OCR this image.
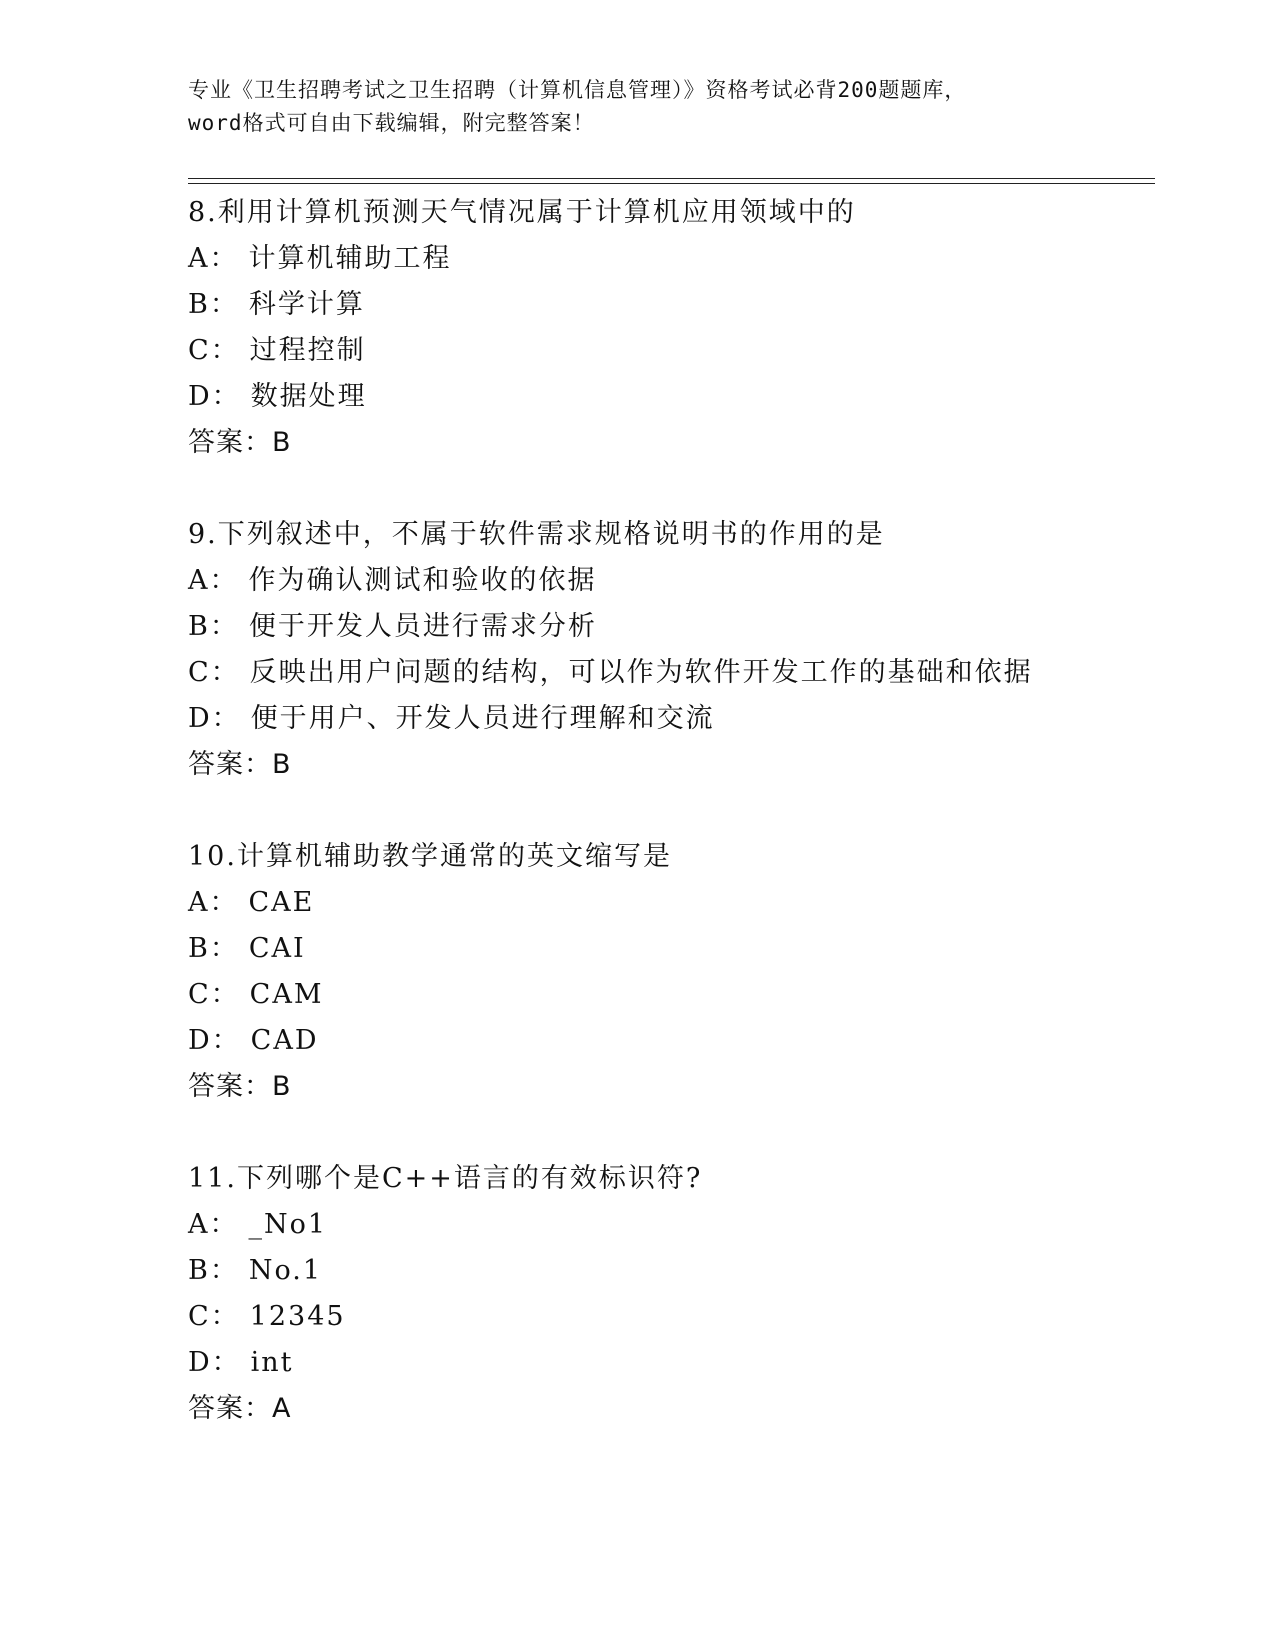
专业《卫生招聘考试之卫生招聘（计算机信息管理）》资格考试必背200题题库，
word格式可自由下载编辑，附完整答案！
8.利用计算机预测天气情况属于计算机应用领域中的
A： 计算机辅助工程
B： 科学计算
C： 过程控制
D： 数据处理
答案：B
9.下列叙述中，不属于软件需求规格说明书的作用的是
A： 作为确认测试和验收的依据
B： 便于开发人员进行需求分析
C： 反映出用户问题的结构，可以作为软件开发工作的基础和依据
D： 便于用户、开发人员进行理解和交流
答案：B
10.计算机辅助教学通常的英文缩写是
A： CAE
B： CAI
C： CAM
D： CAD
答案：B
11.下列哪个是C++语言的有效标识符?
A： _No1
B： No.1
C： 12345
D： int
答案：A
